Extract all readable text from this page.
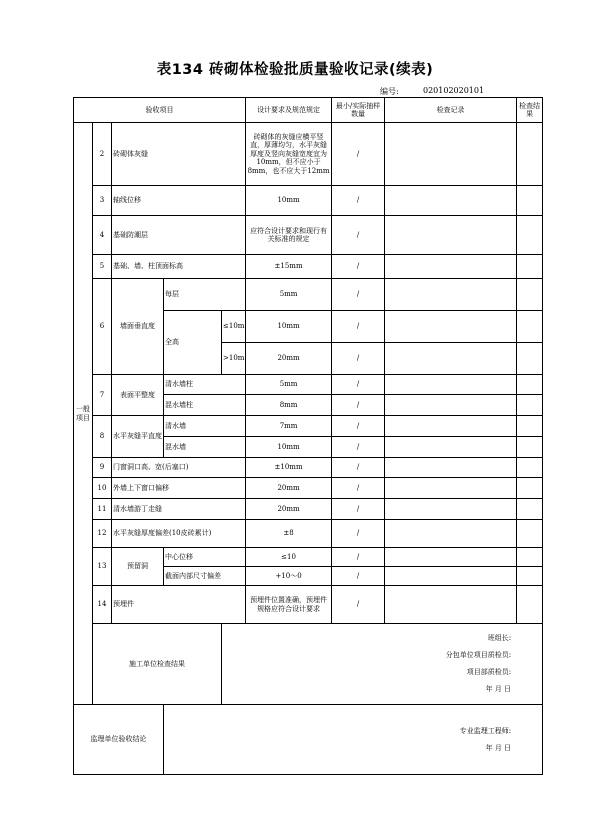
表134 砖砌体检验批质量验收记录(续表)
编号:	020102020101
验收项目					设计要求及规范规定	最小/实际抽样数量	检查记录	检查结果
一般项目	2	砖砌体灰缝			砖砌体的灰缝应横平竖直，厚薄均匀，水平灰缝厚度及竖向灰缝宽度宜为10mm，但不应小于8mm，也不应大于12mm	/		
	3	轴线位移			10mm	/		
	4	基础防潮层			应符合设计要求和现行有关标准的规定	/		
	5	基础、墙、柱顶面标高			±15mm	/		
	6	墙面垂直度	每层		5mm	/		
			全高	≤10m	10mm	/		
				>10m	20mm	/		
	7	表面平整度	清水墙柱		5mm	/		
			混水墙柱		8mm	/		
	8	水平灰缝平直度	清水墙		7mm	/		
			混水墙		10mm	/		
	9	门窗洞口高、宽(后塞口)			±10mm	/		
	10	外墙上下窗口偏移			20mm	/		
	11	清水墙游丁走缝			20mm	/		
	12	水平灰缝厚度偏差(10皮砖累计)			±8	/		
	13	预留洞	中心位移		≤10	/		
			截面内部尺寸偏差		+10～0	/		
	14	预埋件			预埋件位置准确，预埋件规格应符合设计要求	/		
	施工单位检查结果			班组长:
分包单位项目质检员:
项目部质检员:
年 月 日				

监理单位验收结论			专业监理工程师:
年 月 日					
